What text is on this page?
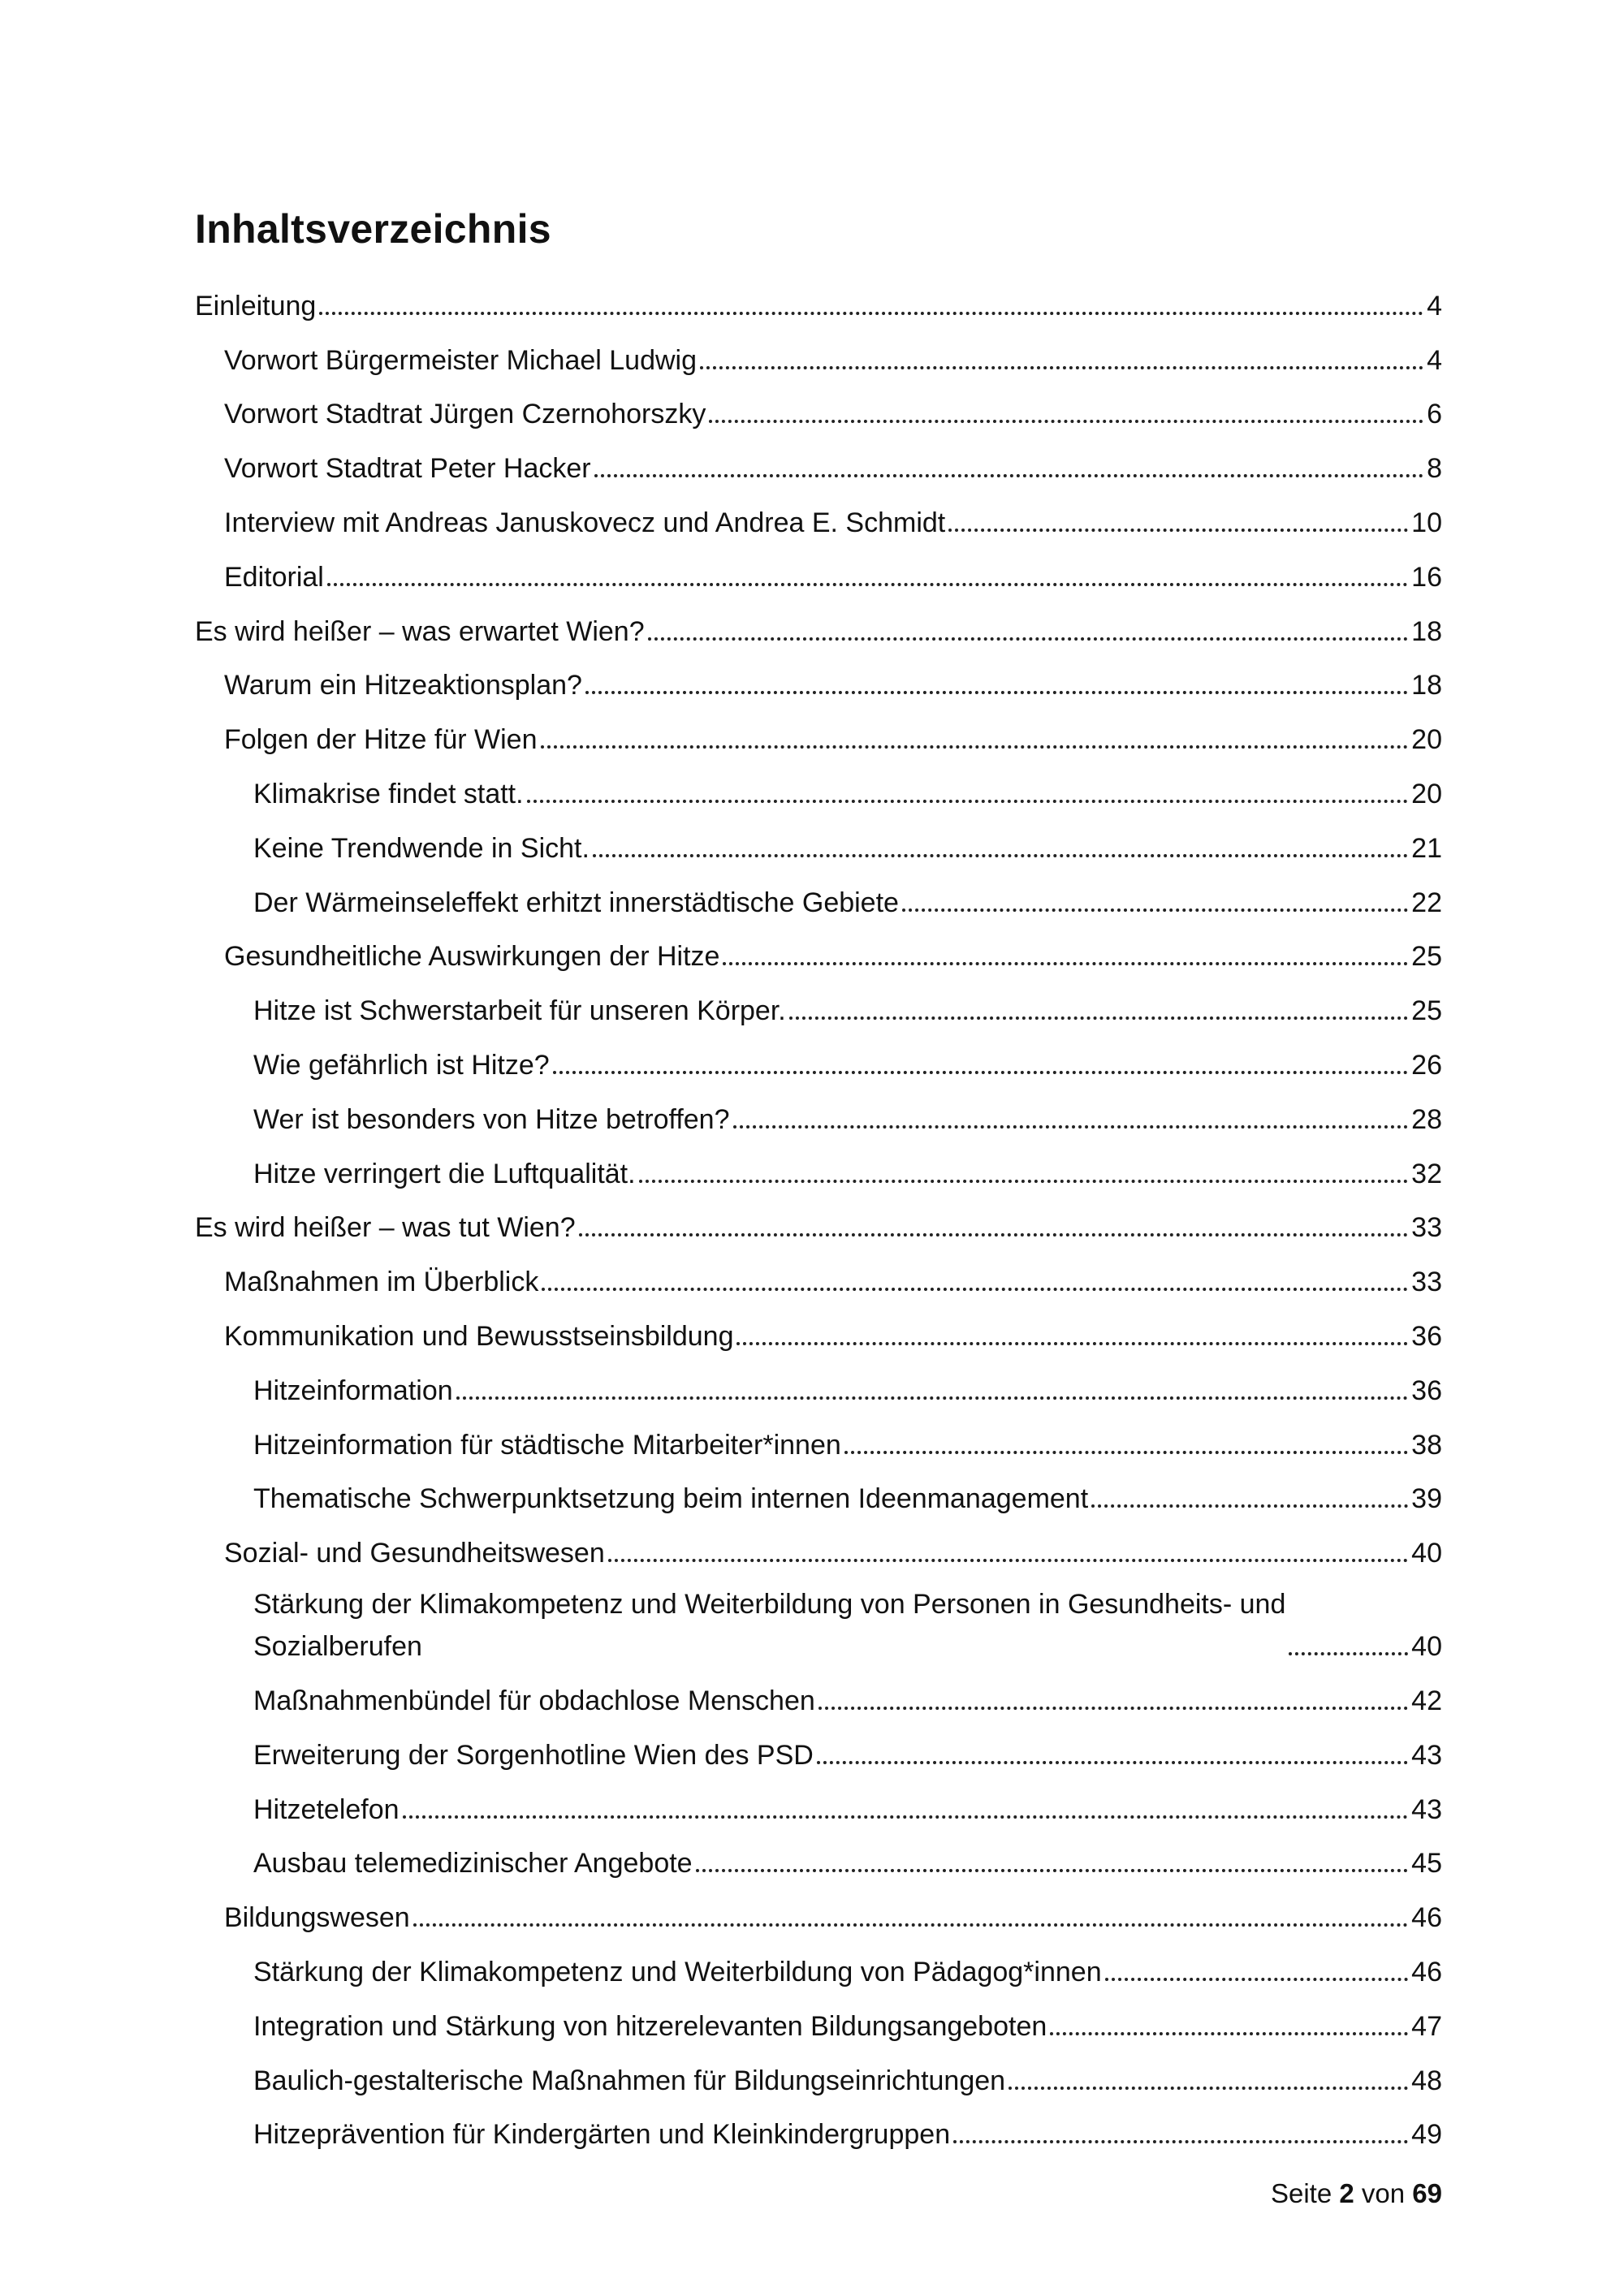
Inhaltsverzeichnis
Einleitung	4
Vorwort Bürgermeister Michael Ludwig	4
Vorwort Stadtrat Jürgen Czernohorszky	6
Vorwort Stadtrat Peter Hacker	8
Interview mit Andreas Januskovecz und Andrea E. Schmidt	10
Editorial	16
Es wird heißer – was erwartet Wien?	18
Warum ein Hitzeaktionsplan?	18
Folgen der Hitze für Wien	20
Klimakrise findet statt.	20
Keine Trendwende in Sicht.	21
Der Wärmeinseleffekt erhitzt innerstädtische Gebiete	22
Gesundheitliche Auswirkungen der Hitze	25
Hitze ist Schwerstarbeit für unseren Körper.	25
Wie gefährlich ist Hitze?	26
Wer ist besonders von Hitze betroffen?	28
Hitze verringert die Luftqualität.	32
Es wird heißer – was tut Wien?	33
Maßnahmen im Überblick	33
Kommunikation und Bewusstseinsbildung	36
Hitzeinformation	36
Hitzeinformation für städtische Mitarbeiter*innen	38
Thematische Schwerpunktsetzung beim internen Ideenmanagement	39
Sozial- und Gesundheitswesen	40
Stärkung der Klimakompetenz und Weiterbildung von Personen in Gesundheits- und
Sozialberufen	40
Maßnahmenbündel für obdachlose Menschen	42
Erweiterung der Sorgenhotline Wien des PSD	43
Hitzetelefon	43
Ausbau telemedizinischer Angebote	45
Bildungswesen	46
Stärkung der Klimakompetenz und Weiterbildung von Pädagog*innen	46
Integration und Stärkung von hitzerelevanten Bildungsangeboten	47
Baulich-gestalterische Maßnahmen für Bildungseinrichtungen	48
Hitzeprävention für Kindergärten und Kleinkindergruppen	49
Seite 2 von 69
